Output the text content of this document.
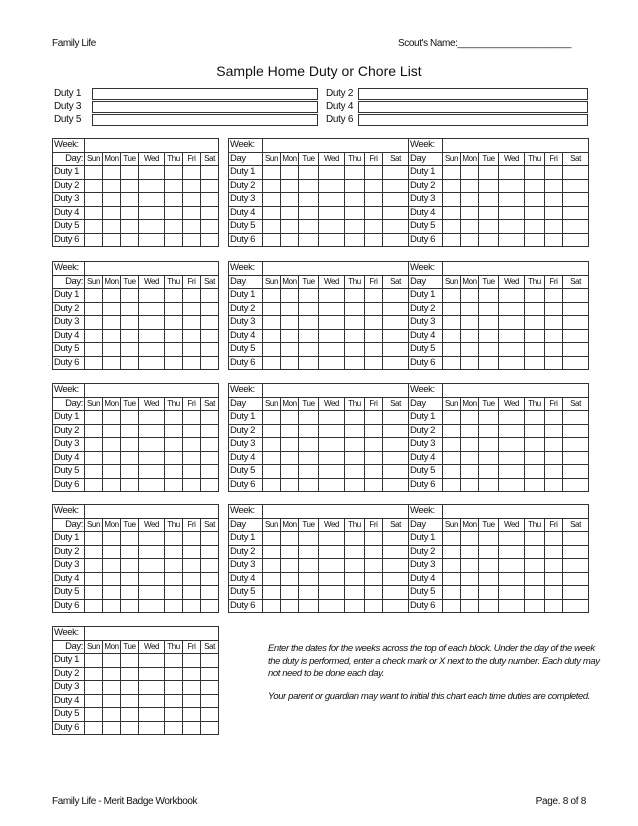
Family Life	Scout's Name:______________________
Sample Home Duty or Chore List
Duty 1	Duty 2
Duty 3	Duty 4
Duty 5	Duty 6
Week:							
Day:	Sun	Mon	Tue	Wed	Thu	Fri	Sat
Duty 1							
Duty 2							
Duty 3							
Duty 4							
Duty 5							
Duty 6							
Week:							
Day	Sun	Mon	Tue	Wed	Thu	Fri	Sat
Duty 1							
Duty 2							
Duty 3							
Duty 4							
Duty 5							
Duty 6							
Week:							
Day	Sun	Mon	Tue	Wed	Thu	Fri	Sat
Duty 1							
Duty 2							
Duty 3							
Duty 4							
Duty 5							
Duty 6							
Week:							
Day:	Sun	Mon	Tue	Wed	Thu	Fri	Sat
Duty 1							
Duty 2							
Duty 3							
Duty 4							
Duty 5							
Duty 6							
Week:							
Day	Sun	Mon	Tue	Wed	Thu	Fri	Sat
Duty 1							
Duty 2							
Duty 3							
Duty 4							
Duty 5							
Duty 6							
Week:							
Day	Sun	Mon	Tue	Wed	Thu	Fri	Sat
Duty 1							
Duty 2							
Duty 3							
Duty 4							
Duty 5							
Duty 6							
Week:							
Day:	Sun	Mon	Tue	Wed	Thu	Fri	Sat
Duty 1							
Duty 2							
Duty 3							
Duty 4							
Duty 5							
Duty 6							
Week:							
Day	Sun	Mon	Tue	Wed	Thu	Fri	Sat
Duty 1							
Duty 2							
Duty 3							
Duty 4							
Duty 5							
Duty 6							
Week:							
Day	Sun	Mon	Tue	Wed	Thu	Fri	Sat
Duty 1							
Duty 2							
Duty 3							
Duty 4							
Duty 5							
Duty 6							
Week:							
Day:	Sun	Mon	Tue	Wed	Thu	Fri	Sat
Duty 1							
Duty 2							
Duty 3							
Duty 4							
Duty 5							
Duty 6							
Week:							
Day	Sun	Mon	Tue	Wed	Thu	Fri	Sat
Duty 1							
Duty 2							
Duty 3							
Duty 4							
Duty 5							
Duty 6							
Week:							
Day	Sun	Mon	Tue	Wed	Thu	Fri	Sat
Duty 1							
Duty 2							
Duty 3							
Duty 4							
Duty 5							
Duty 6							
Week:							
Day:	Sun	Mon	Tue	Wed	Thu	Fri	Sat
Duty 1							
Duty 2							
Duty 3							
Duty 4							
Duty 5							
Duty 6							

Enter the dates for the weeks across the top of each block. Under the day of the week the duty is performed, enter a check mark or X next to the duty number. Each duty may not need to be done each day.

Your parent or guardian may want to initial this chart each time duties are completed.

Family Life - Merit Badge Workbook	Page. 8 of 8
